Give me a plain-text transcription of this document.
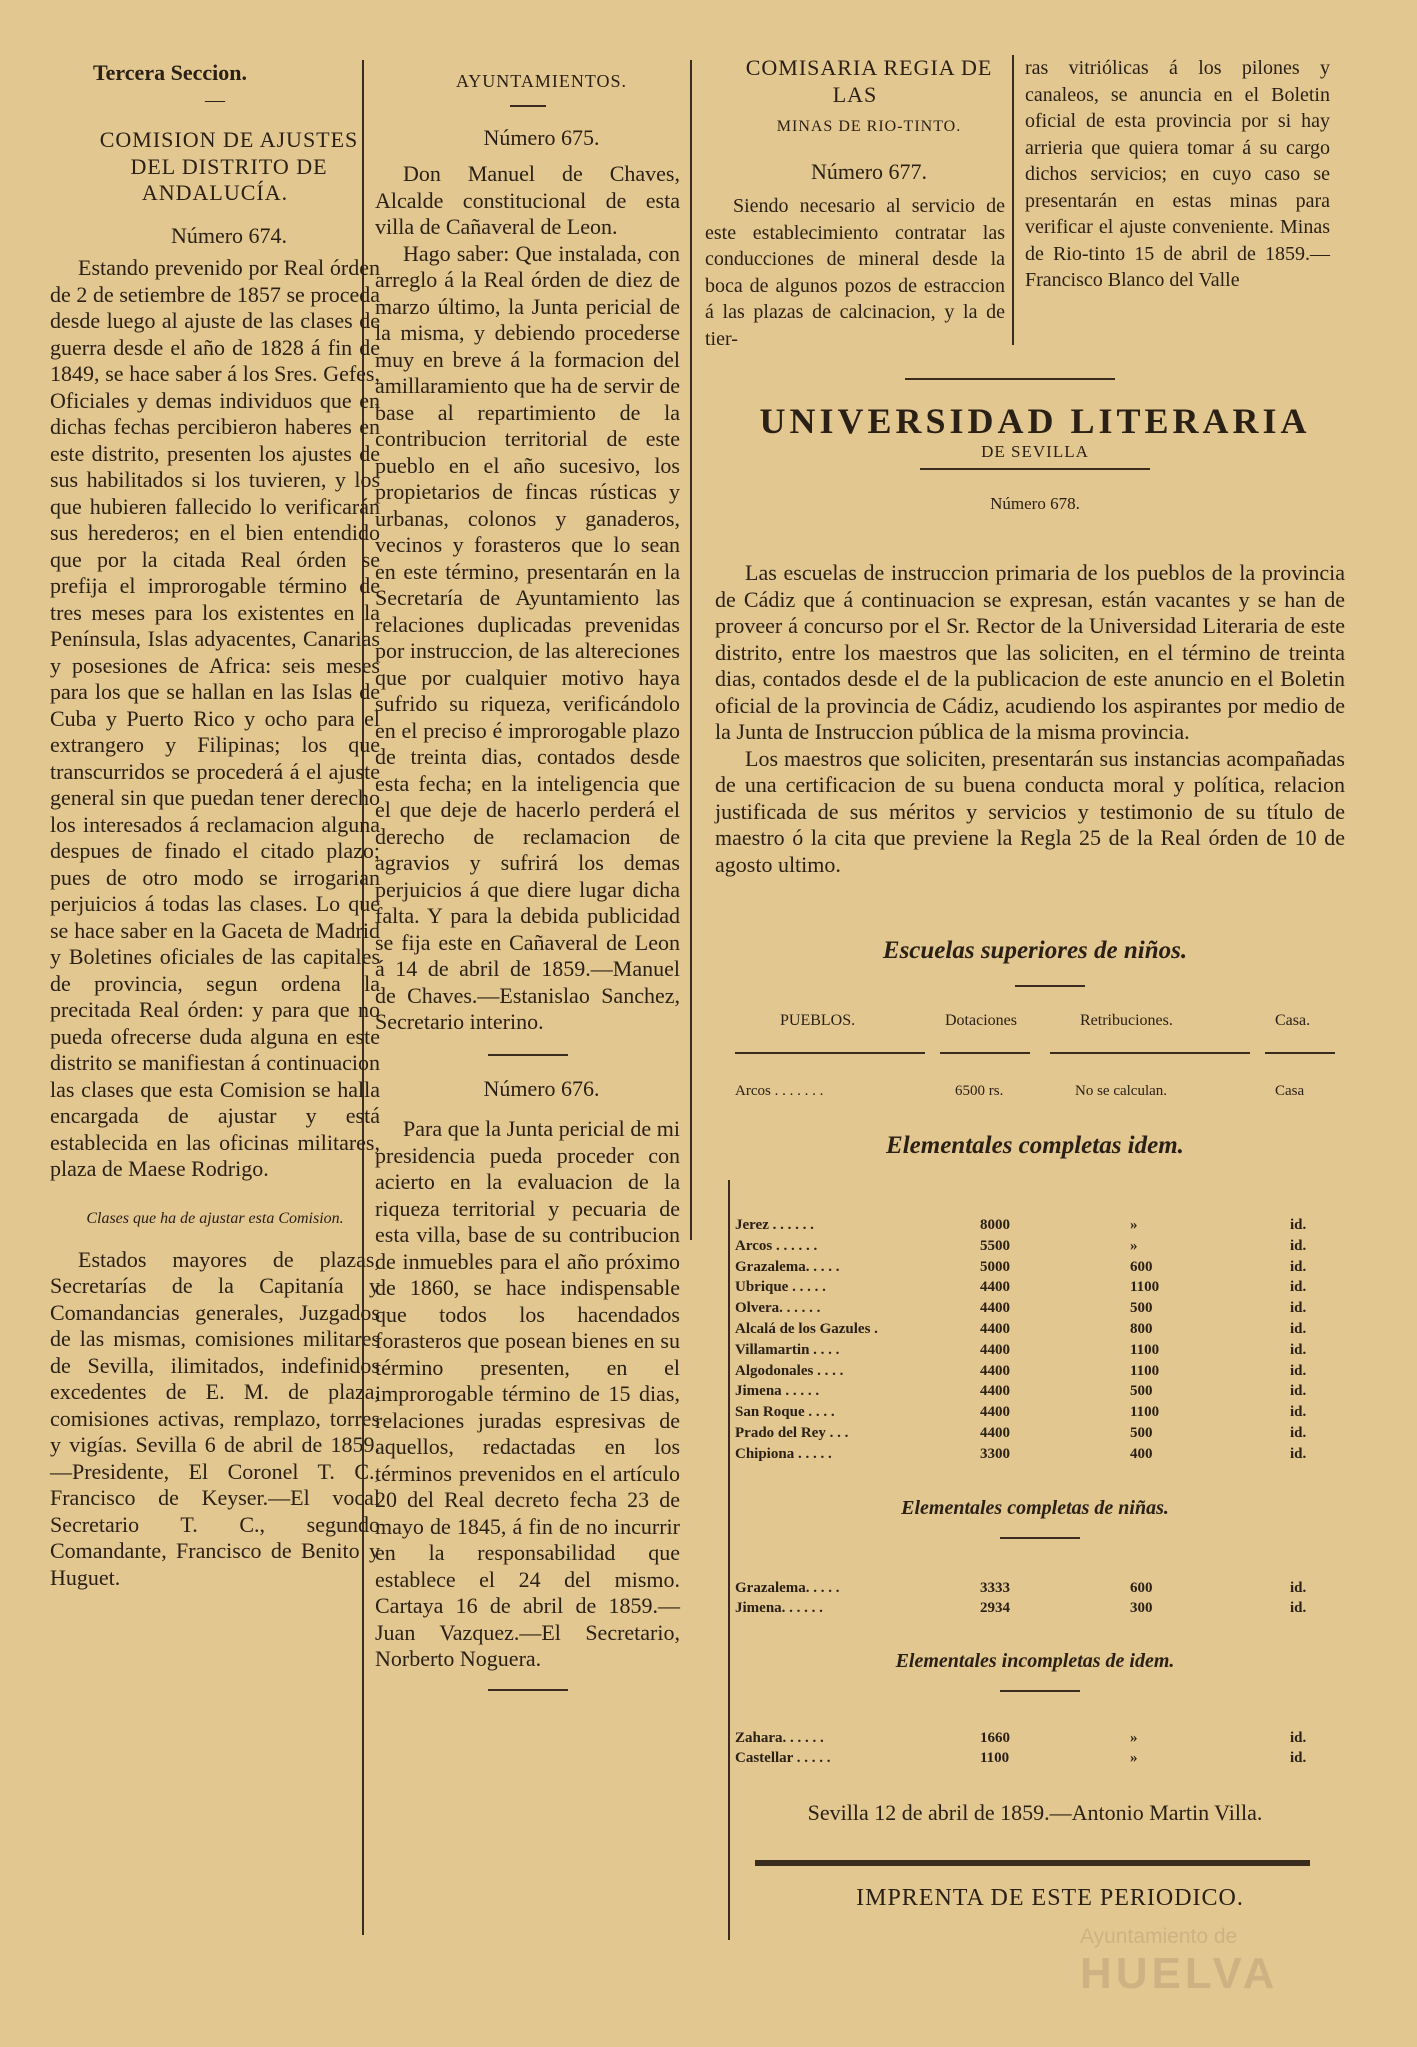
Tercera Seccion.

—

COMISION DE AJUSTES

DEL DISTRITO DE ANDALUCÍA.

Número 674.

Estando prevenido por Real órden de 2 de setiembre de 1857 se proceda desde luego al ajuste de las clases de guerra desde el año de 1828 á fin de 1849, se hace saber á los Sres. Gefes, Oficiales y demas individuos que en dichas fechas percibieron haberes en este distrito, presenten los ajustes de sus habilitados si los tuvieren, y los que hubieren fallecido lo verificarán sus herederos; en el bien entendido que por la citada Real órden se prefija el improrogable término de tres meses para los existentes en la Península, Islas adyacentes, Canarias y posesiones de Africa: seis meses para los que se hallan en las Islas de Cuba y Puerto Rico y ocho para el extrangero y Filipinas; los que transcurridos se procederá á el ajuste general sin que puedan tener derecho los interesados á reclamacion alguna despues de finado el citado plazo; pues de otro modo se irrogarian perjuicios á todas las clases. Lo que se hace saber en la Gaceta de Madrid y Boletines oficiales de las capitales de provincia, segun ordena la precitada Real órden: y para que no pueda ofrecerse duda alguna en este distrito se manifiestan á continuacion las clases que esta Comision se halla encargada de ajustar y está establecida en las oficinas militares, plaza de Maese Rodrigo.

Clases que ha de ajustar esta Comision.

Estados mayores de plazas, Secretarías de la Capitanía y Comandancias generales, Juzgados de las mismas, comisiones militares de Sevilla, ilimitados, indefinidos excedentes de E. M. de plaza, comisiones activas, remplazo, torres y vigías. Sevilla 6 de abril de 1859.—Presidente, El Coronel T. C., Francisco de Keyser.—El vocal Secretario T. C., segundo Comandante, Francisco de Benito y Huguet.

AYUNTAMIENTOS.

Número 675.

Don Manuel de Chaves, Alcalde constitucional de esta villa de Cañaveral de Leon.

Hago saber: Que instalada, con arreglo á la Real órden de diez de marzo último, la Junta pericial de la misma, y debiendo procederse muy en breve á la formacion del amillaramiento que ha de servir de base al repartimiento de la contribucion territorial de este pueblo en el año sucesivo, los propietarios de fincas rústicas y urbanas, colonos y ganaderos, vecinos y forasteros que lo sean en este término, presentarán en la Secretaría de Ayuntamiento las relaciones duplicadas prevenidas por instruccion, de las altereciones que por cualquier motivo haya sufrido su riqueza, verificándolo en el preciso é improrogable plazo de treinta dias, contados desde esta fecha; en la inteligencia que el que deje de hacerlo perderá el derecho de reclamacion de agravios y sufrirá los demas perjuicios á que diere lugar dicha falta. Y para la debida publicidad se fija este en Cañaveral de Leon á 14 de abril de 1859.—Manuel de Chaves.—Estanislao Sanchez, Secretario interino.

Número 676.

Para que la Junta pericial de mi presidencia pueda proceder con acierto en la evaluacion de la riqueza territorial y pecuaria de esta villa, base de su contribucion de inmuebles para el año próximo de 1860, se hace indispensable que todos los hacendados forasteros que posean bienes en su término presenten, en el improrogable término de 15 dias, relaciones juradas espresivas de aquellos, redactadas en los términos prevenidos en el artículo 20 del Real decreto fecha 23 de mayo de 1845, á fin de no incurrir en la responsabilidad que establece el 24 del mismo. Cartaya 16 de abril de 1859.—Juan Vazquez.—El Secretario, Norberto Noguera.

COMISARIA REGIA DE LAS

MINAS DE RIO-TINTO.

Número 677.

Siendo necesario al servicio de este establecimiento contratar las conducciones de mineral desde la boca de algunos pozos de estraccion á las plazas de calcinacion, y la de tier-

ras vitriólicas á los pilones y canaleos, se anuncia en el Boletin oficial de esta provincia por si hay arrieria que quiera tomar á su cargo dichos servicios; en cuyo caso se presentarán en estas minas para verificar el ajuste conveniente. Minas de Rio-tinto 15 de abril de 1859.—Francisco Blanco del Valle

UNIVERSIDAD LITERARIA
DE SEVILLA
Número 678.

Las escuelas de instruccion primaria de los pueblos de la provincia de Cádiz que á continuacion se expresan, están vacantes y se han de proveer á concurso por el Sr. Rector de la Universidad Literaria de este distrito, entre los maestros que las soliciten, en el término de treinta dias, contados desde el de la publicacion de este anuncio en el Boletin oficial de la provincia de Cádiz, acudiendo los aspirantes por medio de la Junta de Instruccion pública de la misma provincia.

Los maestros que soliciten, presentarán sus instancias acompañadas de una certificacion de su buena conducta moral y política, relacion justificada de sus méritos y servicios y testimonio de su título de maestro ó la cita que previene la Regla 25 de la Real órden de 10 de agosto ultimo.

Escuelas superiores de niños.
PUEBLOS.	Dotaciones	Retribuciones.	Casa.
Arcos . . . . . . .	6500 rs.	No se calculan.	Casa
Elementales completas idem.
Jerez . . . . . .	8000	»	id.
Arcos . . . . . .	5500	»	id.
Grazalema. . . . .	5000	600	id.
Ubrique . . . . .	4400	1100	id.
Olvera. . . . . .	4400	500	id.
Alcalá de los Gazules .	4400	800	id.
Villamartin . . . .	4400	1100	id.
Algodonales . . . .	4400	1100	id.
Jimena . . . . .	4400	500	id.
San Roque . . . .	4400	1100	id.
Prado del Rey . . .	4400	500	id.
Chipiona . . . . .	3300	400	id.
Elementales completas de niñas.
Grazalema. . . . .	3333	600	id.
Jimena. . . . . .	2934	300	id.
Elementales incompletas de idem.
Zahara. . . . . .	1660	»	id.
Castellar . . . . .	1100	»	id.
Sevilla 12 de abril de 1859.—Antonio Martin Villa.
IMPRENTA DE ESTE PERIODICO.
Ayuntamiento de
HUELVA
